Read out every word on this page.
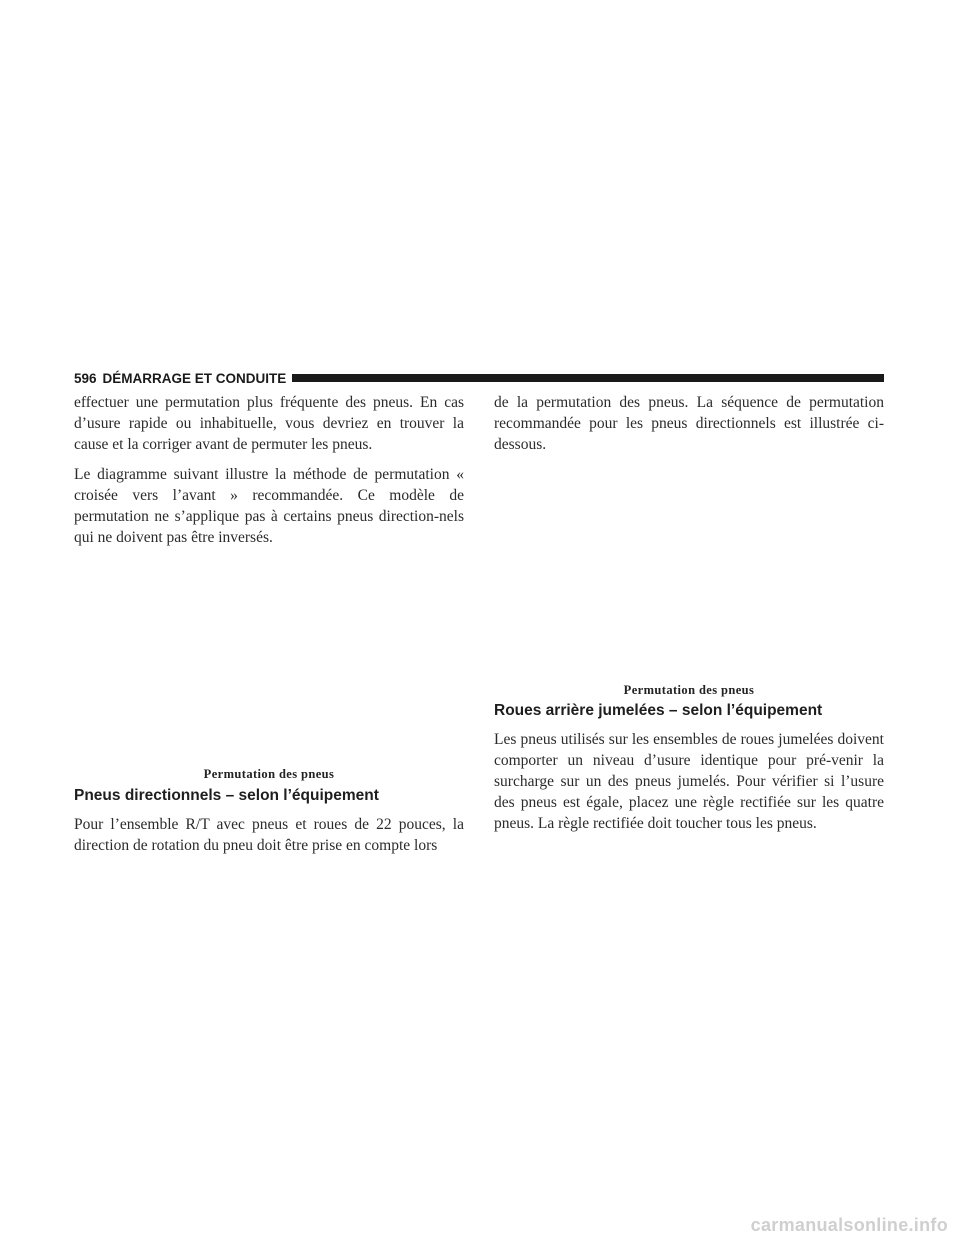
596 DÉMARRAGE ET CONDUITE

effectuer une permutation plus fréquente des pneus. En cas d’usure rapide ou inhabituelle, vous devriez en trouver la cause et la corriger avant de permuter les pneus.

Le diagramme suivant illustre la méthode de permutation « croisée vers l’avant » recommandée. Ce modèle de permutation ne s’applique pas à certains pneus direction-nels qui ne doivent pas être inversés.

Permutation des pneus
Pneus directionnels – selon l’équipement

Pour l’ensemble R/T avec pneus et roues de 22 pouces, la direction de rotation du pneu doit être prise en compte lors

de la permutation des pneus. La séquence de permutation recommandée pour les pneus directionnels est illustrée ci-dessous.

Permutation des pneus
Roues arrière jumelées – selon l’équipement

Les pneus utilisés sur les ensembles de roues jumelées doivent comporter un niveau d’usure identique pour pré-venir la surcharge sur un des pneus jumelés. Pour vérifier si l’usure des pneus est égale, placez une règle rectifiée sur les quatre pneus. La règle rectifiée doit toucher tous les pneus.

carmanualsonline.info
